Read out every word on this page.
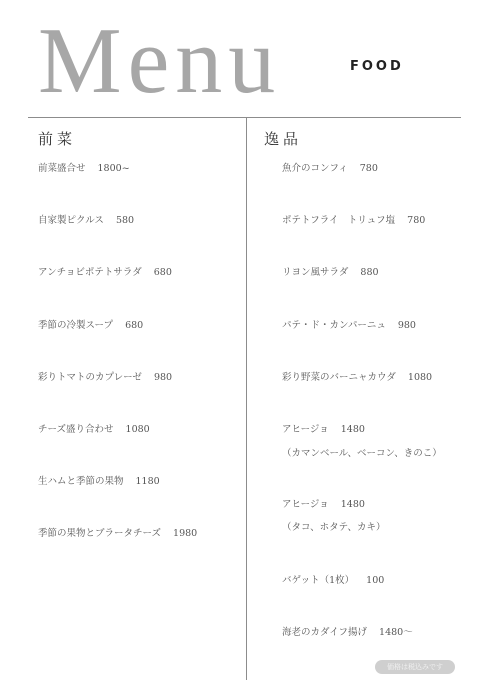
Menu	FOOD
前菜	逸品
前菜盛合せ 1800~
自家製ピクルス 580
アンチョビポテトサラダ 680
季節の冷製スープ 680
彩りトマトのカプレーゼ 980
チーズ盛り合わせ 1080
生ハムと季節の果物 1180
季節の果物とブラータチーズ 1980
魚介のコンフィ 780
ポテトフライ　トリュフ塩 780
リヨン風サラダ 880
パテ・ド・カンパーニュ 980
彩り野菜のバーニャカウダ 1080
アヒージョ 1480
（カマンベール、ベーコン、きのこ）
アヒージョ 1480
（タコ、ホタテ、カキ）
バゲット（1枚） 100
海老のカダイフ揚げ 1480〜
価格は税込みです
